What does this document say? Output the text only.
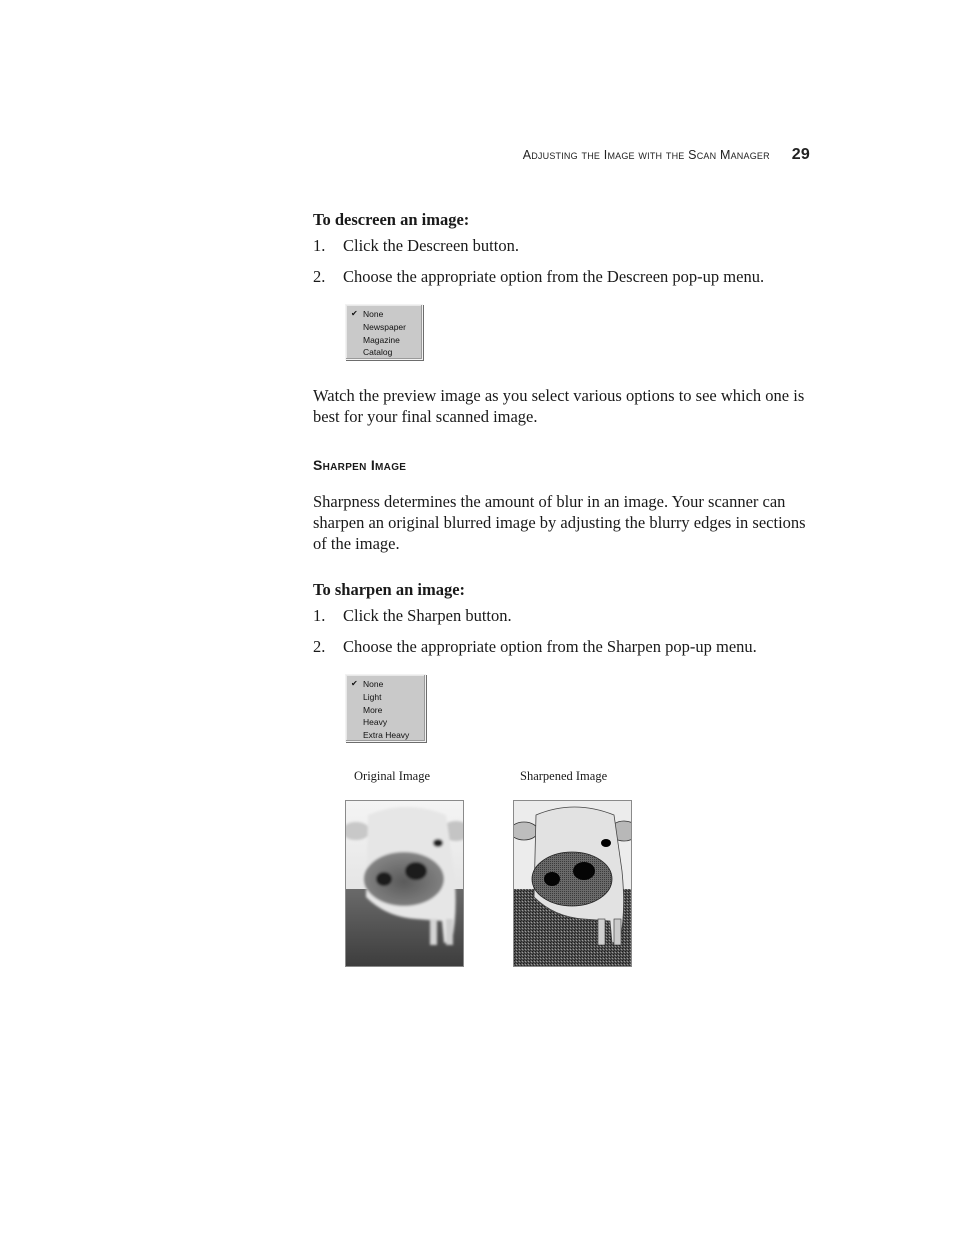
Adjusting the Image with the Scan Manager 29
To descreen an image:
1. Click the Descreen button.
2. Choose the appropriate option from the Descreen pop-up menu.
✔ None
Newspaper
Magazine
Catalog
Watch the preview image as you select various options to see which one is best for your final scanned image.
Sharpen Image
Sharpness determines the amount of blur in an image. Your scanner can sharpen an original blurred image by adjusting the blurry edges in sections of the image.
To sharpen an image:
1. Click the Sharpen button.
2. Choose the appropriate option from the Sharpen pop-up menu.
✔ None
Light
More
Heavy
Extra Heavy
Original Image	Sharpened Image
